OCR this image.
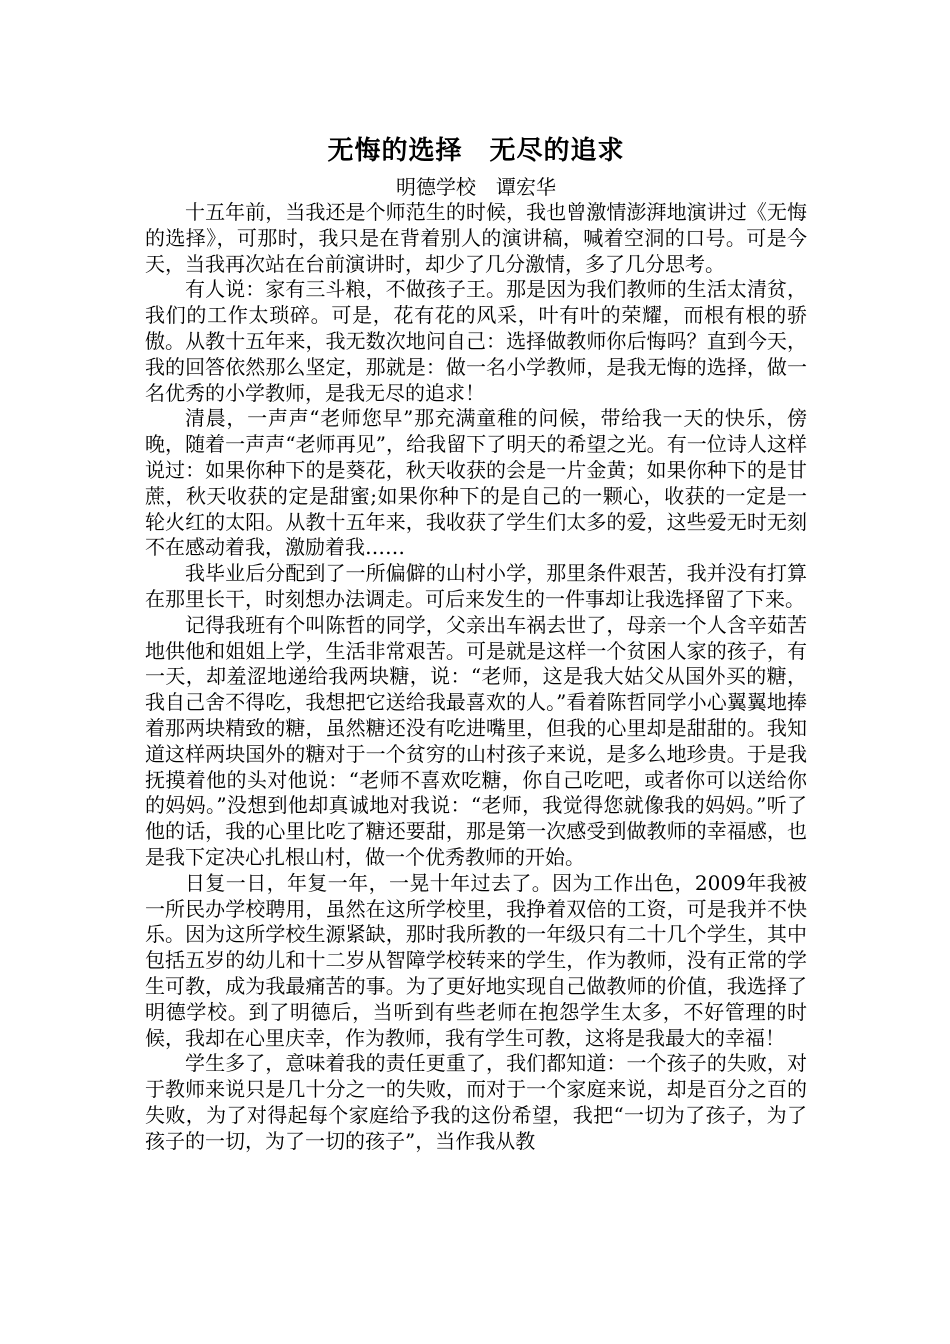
无悔的选择　无尽的追求

明德学校　谭宏华

十五年前，当我还是个师范生的时候，我也曾激情澎湃地演讲过《无悔的选择》，可那时，我只是在背着别人的演讲稿，喊着空洞的口号。可是今天，当我再次站在台前演讲时，却少了几分激情，多了几分思考。

有人说：家有三斗粮，不做孩子王。那是因为我们教师的生活太清贫，我们的工作太琐碎。可是，花有花的风采，叶有叶的荣耀，而根有根的骄傲。从教十五年来，我无数次地问自己：选择做教师你后悔吗？直到今天，我的回答依然那么坚定，那就是：做一名小学教师，是我无悔的选择，做一名优秀的小学教师，是我无尽的追求！

清晨，一声声“老师您早”那充满童稚的问候，带给我一天的快乐，傍晚，随着一声声“老师再见”，给我留下了明天的希望之光。有一位诗人这样说过：如果你种下的是葵花，秋天收获的会是一片金黄；如果你种下的是甘蔗，秋天收获的定是甜蜜;如果你种下的是自己的一颗心，收获的一定是一轮火红的太阳。从教十五年来，我收获了学生们太多的爱，这些爱无时无刻不在感动着我，激励着我……

我毕业后分配到了一所偏僻的山村小学，那里条件艰苦，我并没有打算在那里长干，时刻想办法调走。可后来发生的一件事却让我选择留了下来。

记得我班有个叫陈哲的同学，父亲出车祸去世了，母亲一个人含辛茹苦地供他和姐姐上学，生活非常艰苦。可是就是这样一个贫困人家的孩子，有一天，却羞涩地递给我两块糖，说：“老师，这是我大姑父从国外买的糖，我自己舍不得吃，我想把它送给我最喜欢的人。”看着陈哲同学小心翼翼地捧着那两块精致的糖，虽然糖还没有吃进嘴里，但我的心里却是甜甜的。我知道这样两块国外的糖对于一个贫穷的山村孩子来说，是多么地珍贵。于是我抚摸着他的头对他说：“老师不喜欢吃糖，你自己吃吧，或者你可以送给你的妈妈。”没想到他却真诚地对我说：“老师，我觉得您就像我的妈妈。”听了他的话，我的心里比吃了糖还要甜，那是第一次感受到做教师的幸福感，也是我下定决心扎根山村，做一个优秀教师的开始。

日复一日，年复一年，一晃十年过去了。因为工作出色，2009年我被一所民办学校聘用，虽然在这所学校里，我挣着双倍的工资，可是我并不快乐。因为这所学校生源紧缺，那时我所教的一年级只有二十几个学生，其中包括五岁的幼儿和十二岁从智障学校转来的学生，作为教师，没有正常的学生可教，成为我最痛苦的事。为了更好地实现自己做教师的价值，我选择了明德学校。到了明德后，当听到有些老师在抱怨学生太多，不好管理的时候，我却在心里庆幸，作为教师，我有学生可教，这将是我最大的幸福！

学生多了，意味着我的责任更重了，我们都知道：一个孩子的失败，对于教师来说只是几十分之一的失败，而对于一个家庭来说，却是百分之百的失败，为了对得起每个家庭给予我的这份希望，我把“一切为了孩子，为了孩子的一切，为了一切的孩子”，当作我从教
